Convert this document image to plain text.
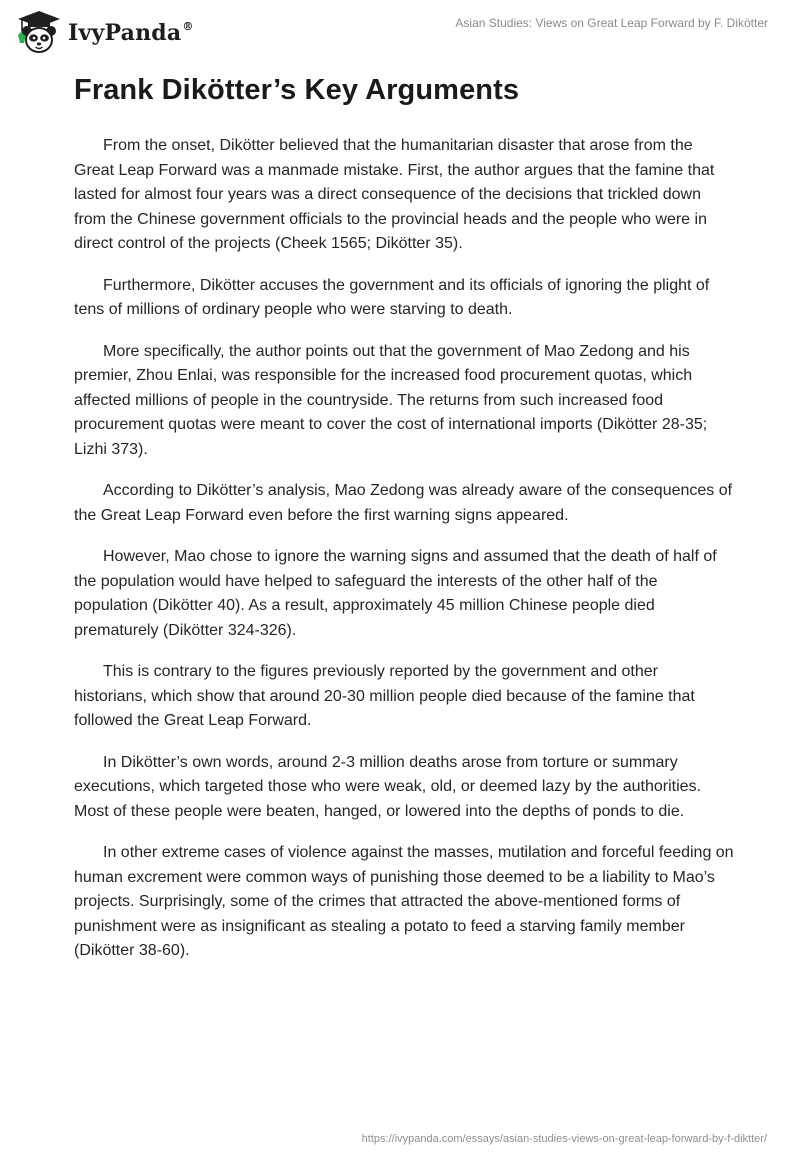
IvyPanda®	Asian Studies: Views on Great Leap Forward by F. Dikötter
Frank Dikötter’s Key Arguments

From the onset, Dikötter believed that the humanitarian disaster that arose from the Great Leap Forward was a manmade mistake. First, the author argues that the famine that lasted for almost four years was a direct consequence of the decisions that trickled down from the Chinese government officials to the provincial heads and the people who were in direct control of the projects (Cheek 1565; Dikötter 35).

Furthermore, Dikötter accuses the government and its officials of ignoring the plight of tens of millions of ordinary people who were starving to death.

More specifically, the author points out that the government of Mao Zedong and his premier, Zhou Enlai, was responsible for the increased food procurement quotas, which affected millions of people in the countryside. The returns from such increased food procurement quotas were meant to cover the cost of international imports (Dikötter 28-35; Lizhi 373).

According to Dikötter’s analysis, Mao Zedong was already aware of the consequences of the Great Leap Forward even before the first warning signs appeared.

However, Mao chose to ignore the warning signs and assumed that the death of half of the population would have helped to safeguard the interests of the other half of the population (Dikötter 40). As a result, approximately 45 million Chinese people died prematurely (Dikötter 324-326).

This is contrary to the figures previously reported by the government and other historians, which show that around 20-30 million people died because of the famine that followed the Great Leap Forward.

In Dikötter’s own words, around 2-3 million deaths arose from torture or summary executions, which targeted those who were weak, old, or deemed lazy by the authorities. Most of these people were beaten, hanged, or lowered into the depths of ponds to die.

In other extreme cases of violence against the masses, mutilation and forceful feeding on human excrement were common ways of punishing those deemed to be a liability to Mao’s projects. Surprisingly, some of the crimes that attracted the above-mentioned forms of punishment were as insignificant as stealing a potato to feed a starving family member (Dikötter 38-60).

https://ivypanda.com/essays/asian-studies-views-on-great-leap-forward-by-f-diktter/
